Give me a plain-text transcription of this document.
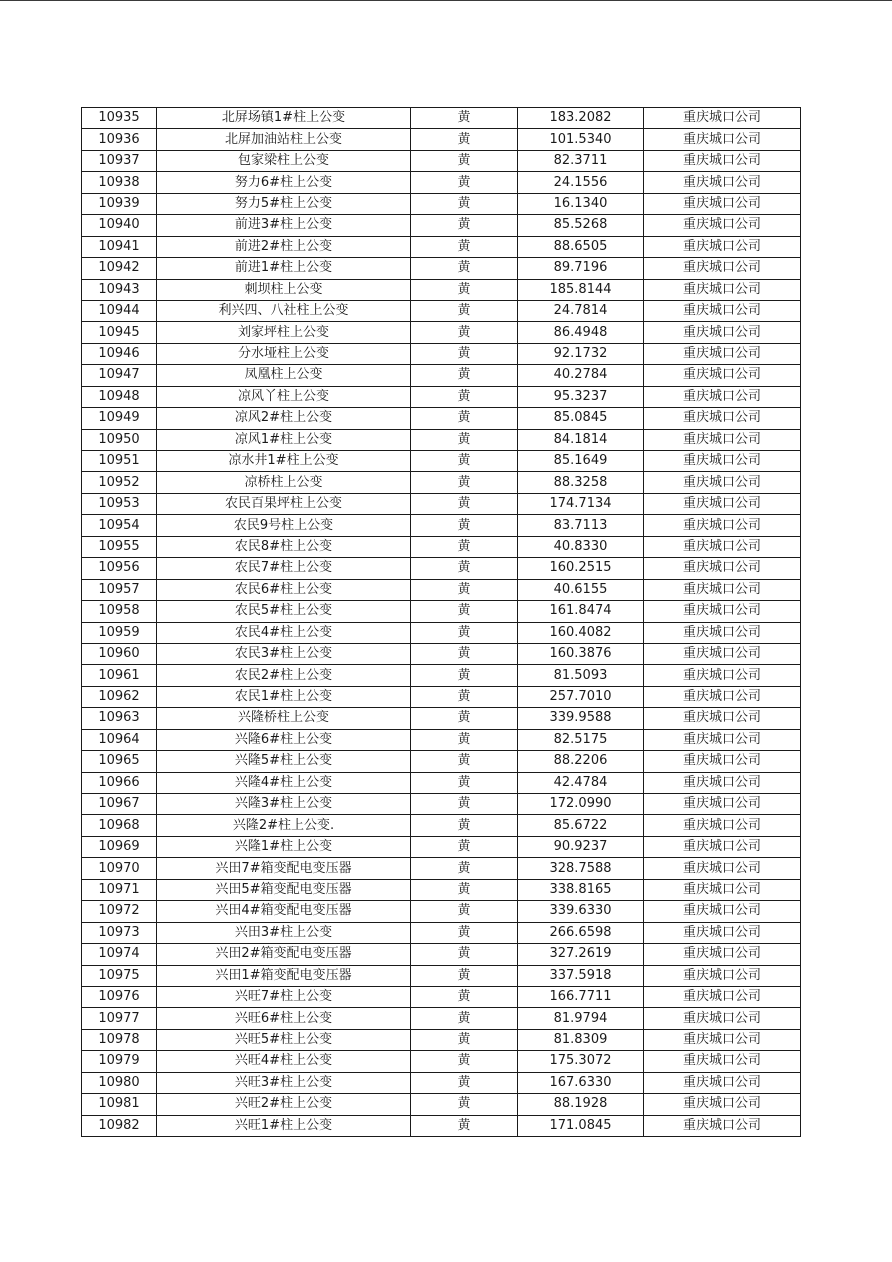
10935	北屏场镇1#柱上公变	黄	183.2082	重庆城口公司
10936	北屏加油站柱上公变	黄	101.5340	重庆城口公司
10937	包家梁柱上公变	黄	82.3711	重庆城口公司
10938	努力6#柱上公变	黄	24.1556	重庆城口公司
10939	努力5#柱上公变	黄	16.1340	重庆城口公司
10940	前进3#柱上公变	黄	85.5268	重庆城口公司
10941	前进2#柱上公变	黄	88.6505	重庆城口公司
10942	前进1#柱上公变	黄	89.7196	重庆城口公司
10943	刺坝柱上公变	黄	185.8144	重庆城口公司
10944	利兴四、八社柱上公变	黄	24.7814	重庆城口公司
10945	刘家坪柱上公变	黄	86.4948	重庆城口公司
10946	分水垭柱上公变	黄	92.1732	重庆城口公司
10947	凤凰柱上公变	黄	40.2784	重庆城口公司
10948	凉风丫柱上公变	黄	95.3237	重庆城口公司
10949	凉风2#柱上公变	黄	85.0845	重庆城口公司
10950	凉风1#柱上公变	黄	84.1814	重庆城口公司
10951	凉水井1#柱上公变	黄	85.1649	重庆城口公司
10952	凉桥柱上公变	黄	88.3258	重庆城口公司
10953	农民百果坪柱上公变	黄	174.7134	重庆城口公司
10954	农民9号柱上公变	黄	83.7113	重庆城口公司
10955	农民8#柱上公变	黄	40.8330	重庆城口公司
10956	农民7#柱上公变	黄	160.2515	重庆城口公司
10957	农民6#柱上公变	黄	40.6155	重庆城口公司
10958	农民5#柱上公变	黄	161.8474	重庆城口公司
10959	农民4#柱上公变	黄	160.4082	重庆城口公司
10960	农民3#柱上公变	黄	160.3876	重庆城口公司
10961	农民2#柱上公变	黄	81.5093	重庆城口公司
10962	农民1#柱上公变	黄	257.7010	重庆城口公司
10963	兴隆桥柱上公变	黄	339.9588	重庆城口公司
10964	兴隆6#柱上公变	黄	82.5175	重庆城口公司
10965	兴隆5#柱上公变	黄	88.2206	重庆城口公司
10966	兴隆4#柱上公变	黄	42.4784	重庆城口公司
10967	兴隆3#柱上公变	黄	172.0990	重庆城口公司
10968	兴隆2#柱上公变.	黄	85.6722	重庆城口公司
10969	兴隆1#柱上公变	黄	90.9237	重庆城口公司
10970	兴田7#箱变配电变压器	黄	328.7588	重庆城口公司
10971	兴田5#箱变配电变压器	黄	338.8165	重庆城口公司
10972	兴田4#箱变配电变压器	黄	339.6330	重庆城口公司
10973	兴田3#柱上公变	黄	266.6598	重庆城口公司
10974	兴田2#箱变配电变压器	黄	327.2619	重庆城口公司
10975	兴田1#箱变配电变压器	黄	337.5918	重庆城口公司
10976	兴旺7#柱上公变	黄	166.7711	重庆城口公司
10977	兴旺6#柱上公变	黄	81.9794	重庆城口公司
10978	兴旺5#柱上公变	黄	81.8309	重庆城口公司
10979	兴旺4#柱上公变	黄	175.3072	重庆城口公司
10980	兴旺3#柱上公变	黄	167.6330	重庆城口公司
10981	兴旺2#柱上公变	黄	88.1928	重庆城口公司
10982	兴旺1#柱上公变	黄	171.0845	重庆城口公司
